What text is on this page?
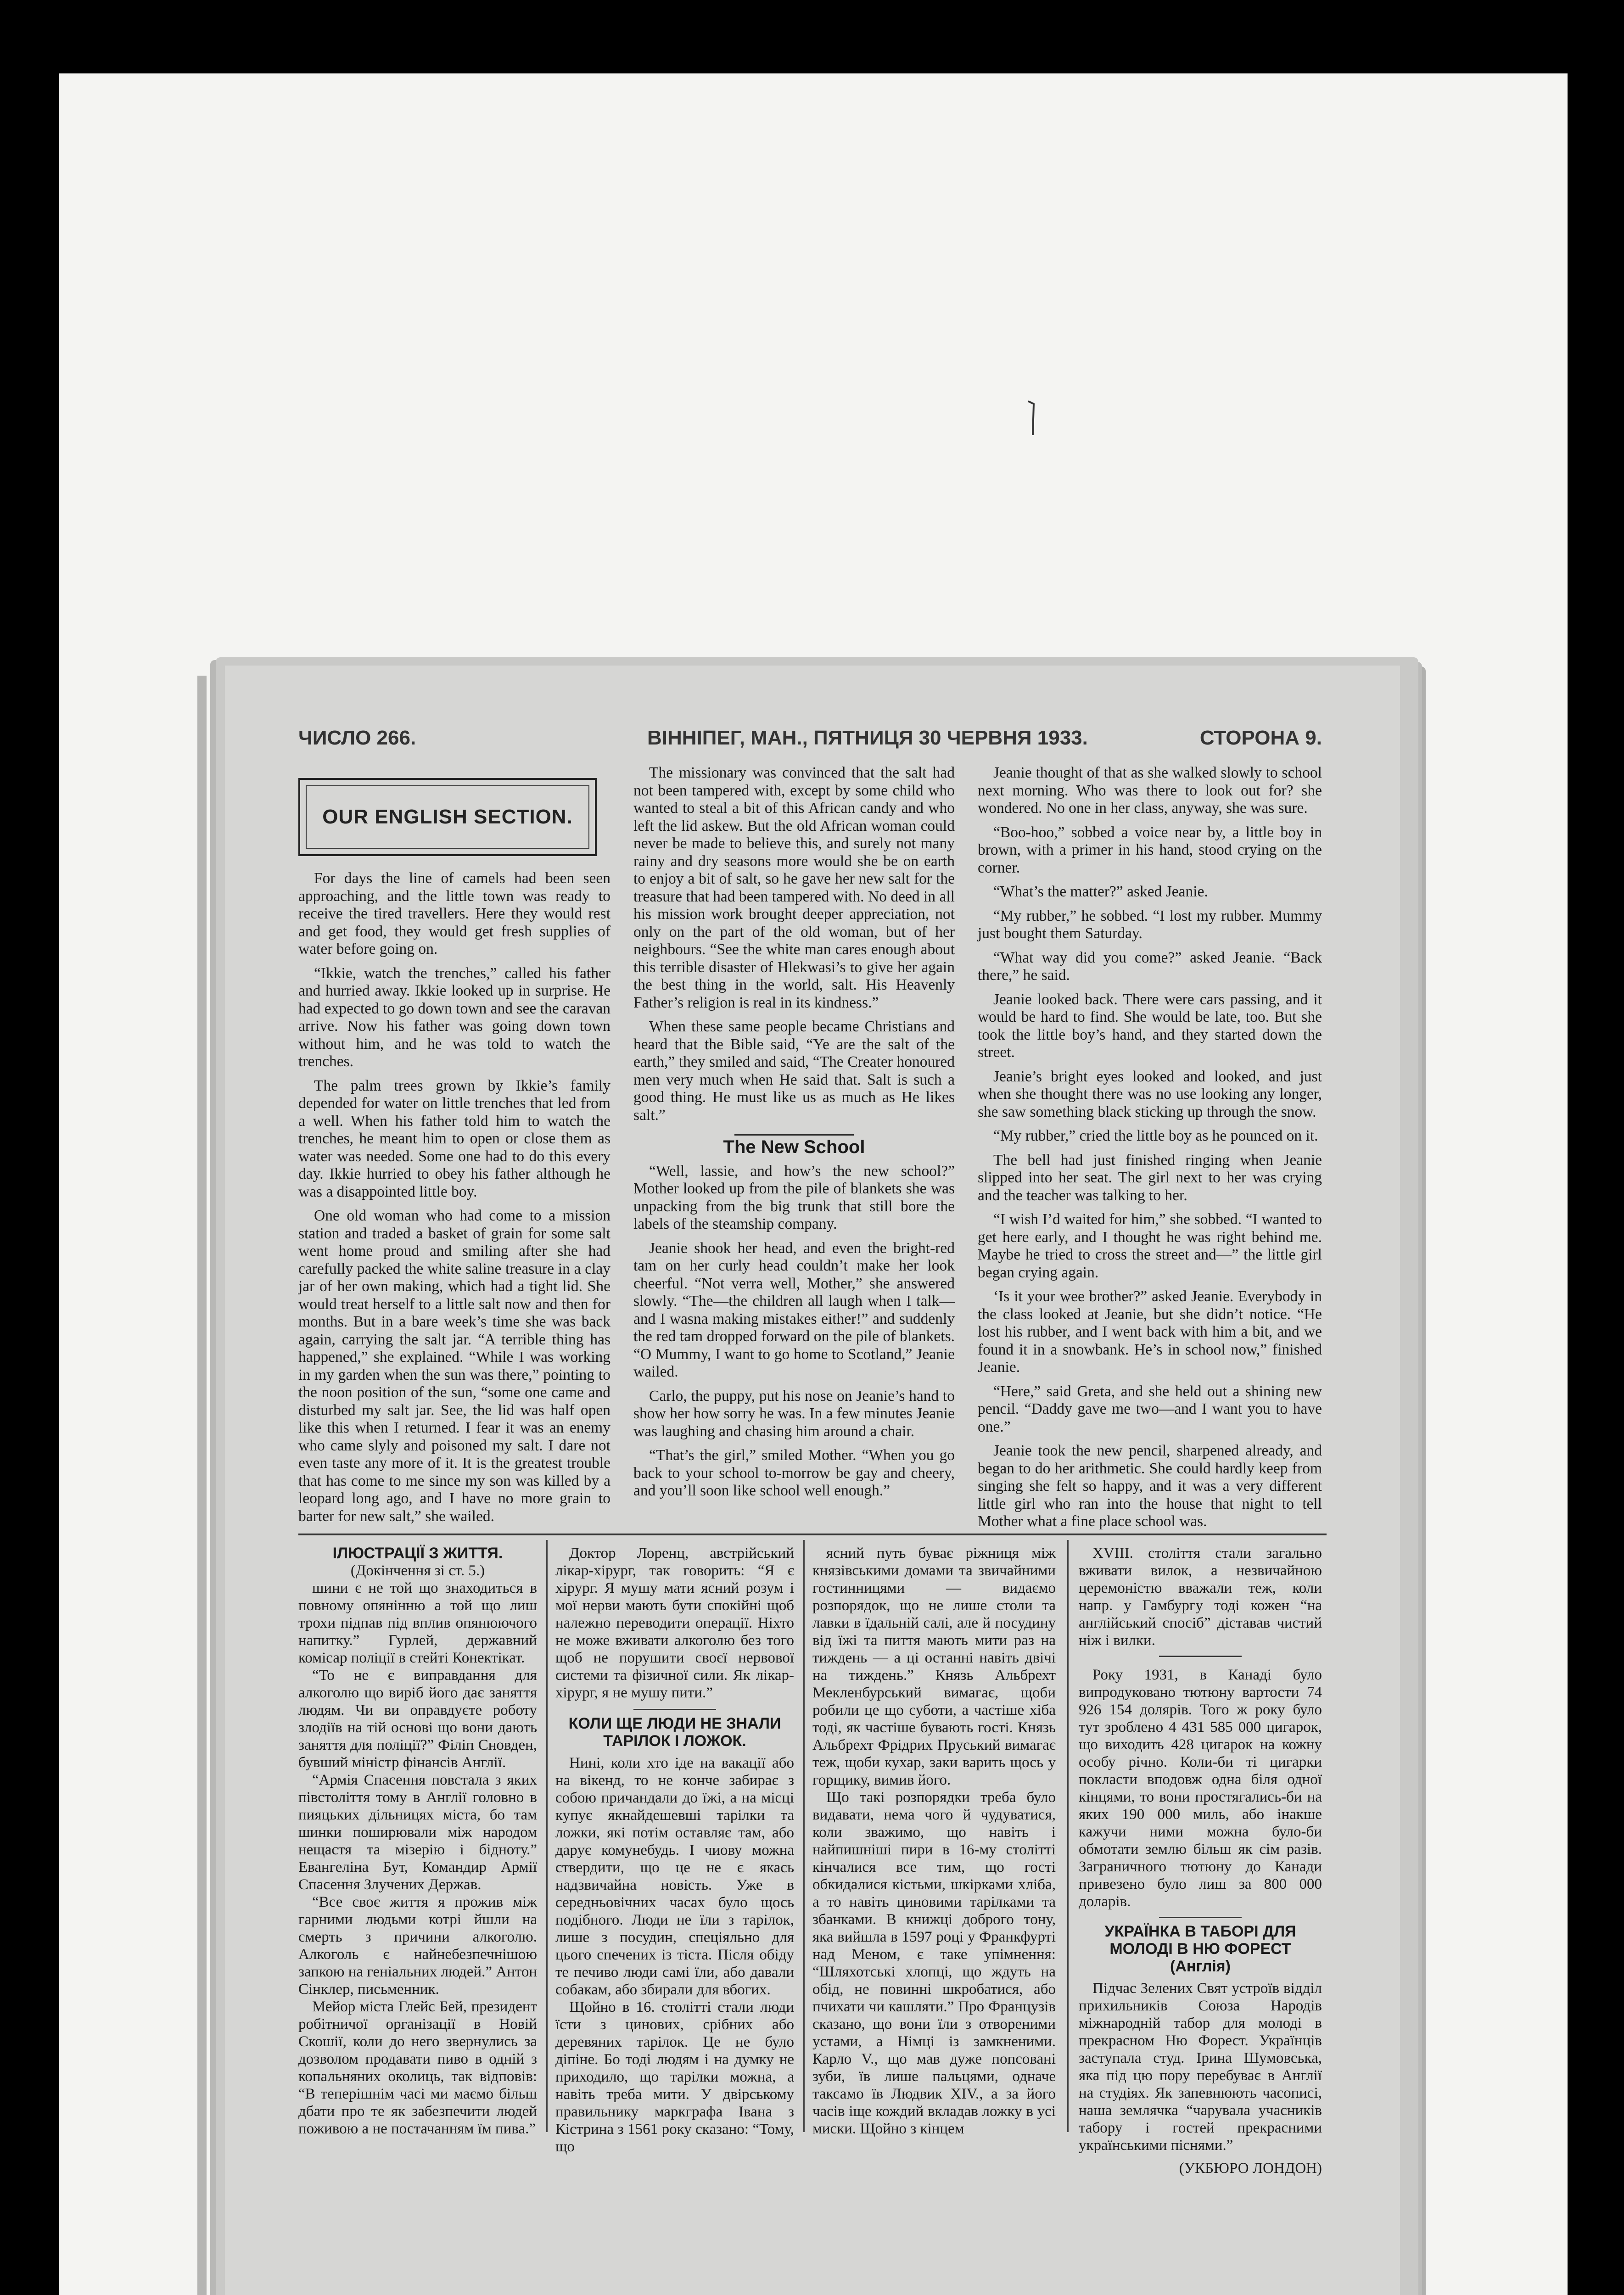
ЧИСЛО 266.	ВІННІПЕГ, МАН., ПЯТНИЦЯ 30 ЧЕРВНЯ 1933.	СТОРОНА 9.
OUR ENGLISH SECTION.

For days the line of camels had been seen approaching, and the little town was ready to receive the tired travellers. Here they would rest and get food, they would get fresh supplies of water before going on.

“Ikkie, watch the trenches,” called his father and hurried away. Ikkie looked up in surprise. He had expected to go down town and see the caravan arrive. Now his father was going down town without him, and he was told to watch the trenches.

The palm trees grown by Ikkie’s family depended for water on little trenches that led from a well. When his father told him to watch the trenches, he meant him to open or close them as water was needed. Some one had to do this every day. Ikkie hurried to obey his father although he was a disappointed little boy.

One old woman who had come to a mission station and traded a basket of grain for some salt went home proud and smiling after she had carefully packed the white saline treasure in a clay jar of her own making, which had a tight lid. She would treat herself to a little salt now and then for months. But in a bare week’s time she was back again, carrying the salt jar. “A terrible thing has happened,” she explained. “While I was working in my garden when the sun was there,” pointing to the noon position of the sun, “some one came and disturbed my salt jar. See, the lid was half open like this when I returned. I fear it was an enemy who came slyly and poisoned my salt. I dare not even taste any more of it. It is the greatest trouble that has come to me since my son was killed by a leopard long ago, and I have no more grain to barter for new salt,” she wailed.

The missionary was convinced that the salt had not been tampered with, except by some child who wanted to steal a bit of this African candy and who left the lid askew. But the old African woman could never be made to believe this, and surely not many rainy and dry seasons more would she be on earth to enjoy a bit of salt, so he gave her new salt for the treasure that had been tampered with. No deed in all his mission work brought deeper appreciation, not only on the part of the old woman, but of her neighbours. “See the white man cares enough about this terrible disaster of Hlekwasi’s to give her again the best thing in the world, salt. His Heavenly Father’s religion is real in its kindness.”

When these same people became Christians and heard that the Bible said, “Ye are the salt of the earth,” they smiled and said, “The Creater honoured men very much when He said that. Salt is such a good thing. He must like us as much as He likes salt.”

The New School

“Well, lassie, and how’s the new school?” Mother looked up from the pile of blankets she was unpacking from the big trunk that still bore the labels of the steamship company.

Jeanie shook her head, and even the bright-red tam on her curly head couldn’t make her look cheerful. “Not verra well, Mother,” she answered slowly. “The—the children all laugh when I talk—and I wasna making mistakes either!” and suddenly the red tam dropped forward on the pile of blankets. “O Mummy, I want to go home to Scotland,” Jeanie wailed.

Carlo, the puppy, put his nose on Jeanie’s hand to show her how sorry he was. In a few minutes Jeanie was laughing and chasing him around a chair.

“That’s the girl,” smiled Mother. “When you go back to your school to-morrow be gay and cheery, and you’ll soon like school well enough.”

Jeanie thought of that as she walked slowly to school next morning. Who was there to look out for? she wondered. No one in her class, anyway, she was sure.

“Boo-hoo,” sobbed a voice near by, a little boy in brown, with a primer in his hand, stood crying on the corner.

“What’s the matter?” asked Jeanie.

“My rubber,” he sobbed. “I lost my rubber. Mummy just bought them Saturday.

“What way did you come?” asked Jeanie. “Back there,” he said.

Jeanie looked back. There were cars passing, and it would be hard to find. She would be late, too. But she took the little boy’s hand, and they started down the street.

Jeanie’s bright eyes looked and looked, and just when she thought there was no use looking any longer, she saw something black sticking up through the snow.

“My rubber,” cried the little boy as he pounced on it.

The bell had just finished ringing when Jeanie slipped into her seat. The girl next to her was crying and the teacher was talking to her.

“I wish I’d waited for him,” she sobbed. “I wanted to get here early, and I thought he was right behind me. Maybe he tried to cross the street and—” the little girl began crying again.

‘Is it your wee brother?” asked Jeanie. Everybody in the class looked at Jeanie, but she didn’t notice. “He lost his rubber, and I went back with him a bit, and we found it in a snowbank. He’s in school now,” finished Jeanie.

“Here,” said Greta, and she held out a shining new pencil. “Daddy gave me two—and I want you to have one.”

Jeanie took the new pencil, sharpened already, and began to do her arithmetic. She could hardly keep from singing she felt so happy, and it was a very different little girl who ran into the house that night to tell Mother what a fine place school was.

ІЛЮСТРАЦІЇ З ЖИТТЯ.

(Докінчення зі ст. 5.)

шини є не той що знаходиться в повному опянінню а той що лиш трохи підпав під вплив опянюючого напитку.” Гурлей, державний комісар поліції в стейті Конектікат.

“То не є виправдання для алкоголю що виріб його дає заняття людям. Чи ви оправдуєте роботу злодіїв на тій основі що вони дають заняття для поліції?” Філіп Сновден, бувший міністр фінансів Англії.

“Армія Спасення повстала з яких півстоліття тому в Англії головно в пияцьких дільницях міста, бо там шинки поширювали між народом нещастя та мізерію і бідноту.” Евангеліна Бут, Командир Армії Спасення Злучених Держав.

“Все своє життя я прожив між гарними людьми котрі йшли на смерть з причини алкоголю. Алкоголь є найнебезпечнішою запкою на геніальних людей.” Антон Сінклер, письменник.

Мейор міста Глейс Бей, президент робітничої організації в Новій Скошії, коли до него звернулись за дозволом продавати пиво в одній з копальняних околиць, так відповів: “В теперішнім часі ми маємо більш дбати про те як забезпечити людей поживою а не постачанням їм пива.”

Доктор Лоренц, австрійський лікар-хірург, так говорить: “Я є хірург. Я мушу мати ясний розум і мої нерви мають бути спокійні щоб належно переводити операції. Ніхто не може вживати алкоголю без того щоб не порушити своєї нервової системи та фізичної сили. Як лікар-хірург, я не мушу пити.”

КОЛИ ЩЕ ЛЮДИ НЕ ЗНАЛИ ТАРІЛОК І ЛОЖОК.

Нині, коли хто іде на вакації або на вікенд, то не конче забирає з собою причандали до їжі, а на місці купує якнайдешевші тарілки та ложки, які потім оставляє там, або дарує комунебудь. І чиову можна ствердити, що це не є якась надзвичайна новість. Уже в середньовічних часах було щось подібного. Люди не їли з тарілок, лише з посудин, спеціяльно для цього спечених із тіста. Після обіду те печиво люди самі їли, або давали собакам, або збирали для вбогих.

Щойно в 16. столітті стали люди їсти з цинових, срібних або деревяних тарілок. Це не було діпіне. Бо тоді людям і на думку не приходило, що тарілки можна, а навіть треба мити. У двірському правильнику маркграфа Івана з Кістрина з 1561 року сказано: “Тому, що

ясний путь буває ріжниця між князівськими домами та звичайними гостинницями — видаємо розпорядок, що не лише столи та лавки в їдальній салі, але й посудину від їжі та пиття мають мити раз на тиждень — а ці останні навіть двічі на тиждень.” Князь Альбрехт Мекленбурський вимагає, щоби робили це що суботи, а частіше хіба тоді, як частіше бувають гості. Князь Альбрехт Фрідрих Пруський вимагає теж, щоби кухар, заки варить щось у горщику, вимив його.

Що такі розпорядки треба було видавати, нема чого й чудуватися, коли зважимо, що навіть і найпишніші пири в 16-му столітті кінчалися все тим, що гості обкидалися кістьми, шкірками хліба, а то навіть циновими тарілками та збанками. В книжці доброго тону, яка вийшла в 1597 році у Франкфурті над Меном, є таке упімнення: “Шляхотські хлопці, що ждуть на обід, не повинні шкробатися, або пчихати чи кашляти.” Про Французів сказано, що вони їли з отвореними устами, а Німці із замкненими. Карло V., що мав дуже попсовані зуби, їв лише пальцями, одначе таксамо їв Людвик XIV., а за його часів іще кождий вкладав ложку в усі миски. Щойно з кінцем

XVIII. століття стали загально вживати вилок, а незвичайною церемоністю вважали теж, коли напр. у Гамбургу тоді кожен “на англійський спосіб” діставав чистий ніж і вилки.

Року 1931, в Канаді було випродуковано тютюну вартости 74 926 154 долярів. Того ж року було тут зроблено 4 431 585 000 цигарок, що виходить 428 цигарок на кожну особу річно. Коли-би ті цигарки покласти вподовж одна біля одної кінцями, то вони простягались-би на яких 190 000 миль, або інакше кажучи ними можна було-би обмотати землю більш як сім разів. Заграничного тютюну до Канади привезено було лиш за 800 000 доларів.

УКРАЇНКА В ТАБОРІ ДЛЯ МОЛОДІ В НЮ ФОРЕСТ (Англія)

Підчас Зелених Свят устроїв відділ прихильників Союза Народів міжнародній табор для молоді в прекрасном Ню Форест. Українців заступала студ. Ірина Шумовська, яка під цю пору перебуває в Англії на студіях. Як запевнюють часописі, наша землячка “чарувала учасників табору і гостей прекрасними українськими піснями.”

(УКБЮРО ЛОНДОН)
